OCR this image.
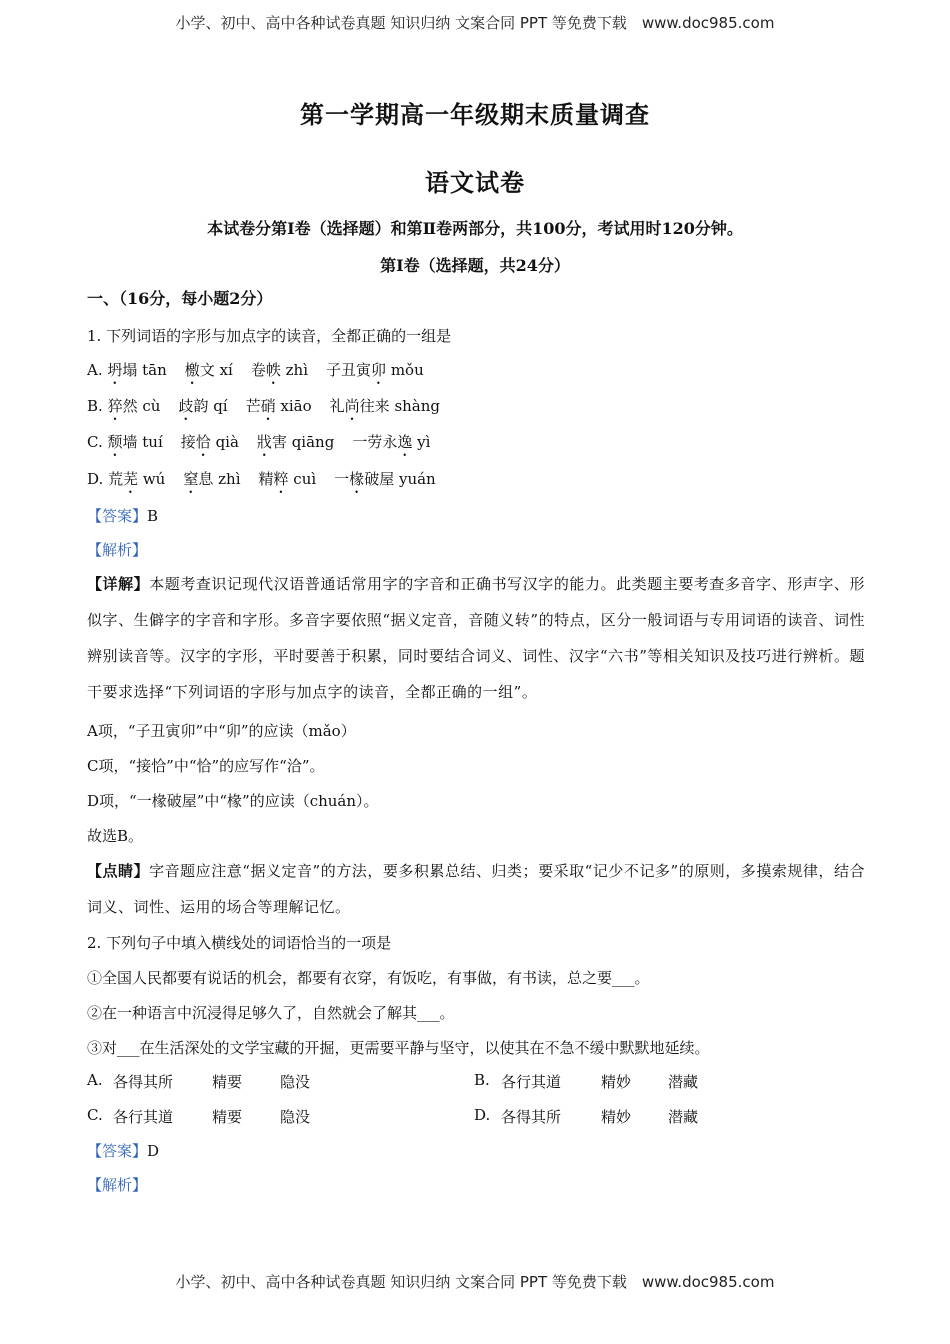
小学、初中、高中各种试卷真题 知识归纳 文案合同 PPT 等免费下载　www.doc985.com
第一学期高一年级期末质量调查
语文试卷
本试卷分第Ⅰ卷（选择题）和第Ⅱ卷两部分，共100分，考试用时120分钟。
第Ⅰ卷（选择题，共24分）
一、（16分，每小题2分）
1. 下列词语的字形与加点字的读音，全都正确的一组是
A. 坍塌 tān 檄文 xí 卷帙 zhì 子丑寅卯 mǒu
B. 猝然 cù 歧韵 qí 芒硝 xiāo 礼尚往来 shàng
C. 颓墙 tuí 接恰 qià 戕害 qiāng 一劳永逸 yì
D. 荒芜 wú 窒息 zhì 精粹 cuì 一椽破屋 yuán
【答案】B
【解析】
【详解】本题考查识记现代汉语普通话常用字的字音和正确书写汉字的能力。此类题主要考查多音字、形声字、形似字、生僻字的字音和字形。多音字要依照“据义定音，音随义转”的特点，区分一般词语与专用词语的读音、词性辨别读音等。汉字的字形，平时要善于积累，同时要结合词义、词性、汉字“六书”等相关知识及技巧进行辨析。题干要求选择“下列词语的字形与加点字的读音，全都正确的一组”。
A项，“子丑寅卯”中“卯”的应读（mǎo）
C项，“接恰”中“恰”的应写作“洽”。
D项，“一椽破屋”中“椽”的应读（chuán）。
故选B。
【点睛】字音题应注意“据义定音”的方法，要多积累总结、归类；要采取“记少不记多”的原则，多摸索规律，结合词义、词性、运用的场合等理解记忆。
2. 下列句子中填入横线处的词语恰当的一项是
①全国人民都要有说话的机会，都要有衣穿，有饭吃，有事做，有书读，总之要___。
②在一种语言中沉浸得足够久了，自然就会了解其___。
③对___在生活深处的文学宝藏的开掘，更需要平静与坚守，以使其在不急不缓中默默地延续。
A. 各得其所	精要	隐没	B. 各行其道	精妙 潜藏
C. 各行其道	精要	隐没	D. 各得其所	精妙 潜藏
【答案】D
【解析】
小学、初中、高中各种试卷真题 知识归纳 文案合同 PPT 等免费下载　www.doc985.com
